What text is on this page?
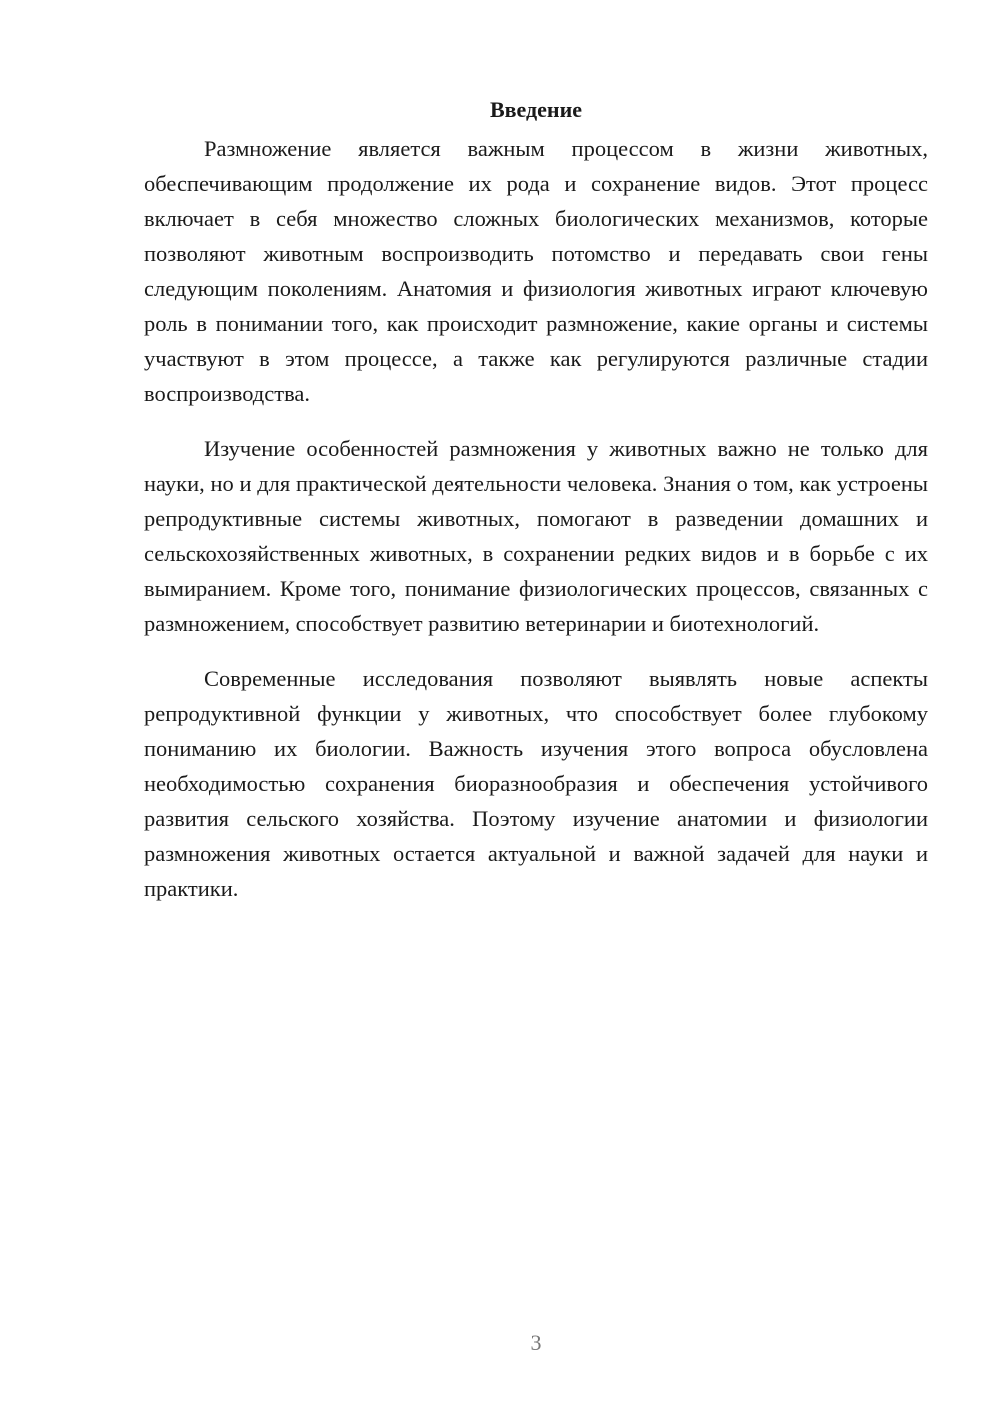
Введение

Размножение является важным процессом в жизни животных, обеспечивающим продолжение их рода и сохранение видов. Этот процесс включает в себя множество сложных биологических механизмов, которые позволяют животным воспроизводить потомство и передавать свои гены следующим поколениям. Анатомия и физиология животных играют ключевую роль в понимании того, как происходит размножение, какие органы и системы участвуют в этом процессе, а также как регулируются различные стадии воспроизводства.

Изучение особенностей размножения у животных важно не только для науки, но и для практической деятельности человека. Знания о том, как устроены репродуктивные системы животных, помогают в разведении домашних и сельскохозяйственных животных, в сохранении редких видов и в борьбе с их вымиранием. Кроме того, понимание физиологических процессов, связанных с размножением, способствует развитию ветеринарии и биотехнологий.

Современные исследования позволяют выявлять новые аспекты репродуктивной функции у животных, что способствует более глубокому пониманию их биологии. Важность изучения этого вопроса обусловлена необходимостью сохранения биоразнообразия и обеспечения устойчивого развития сельского хозяйства. Поэтому изучение анатомии и физиологии размножения животных остается актуальной и важной задачей для науки и практики.

3
